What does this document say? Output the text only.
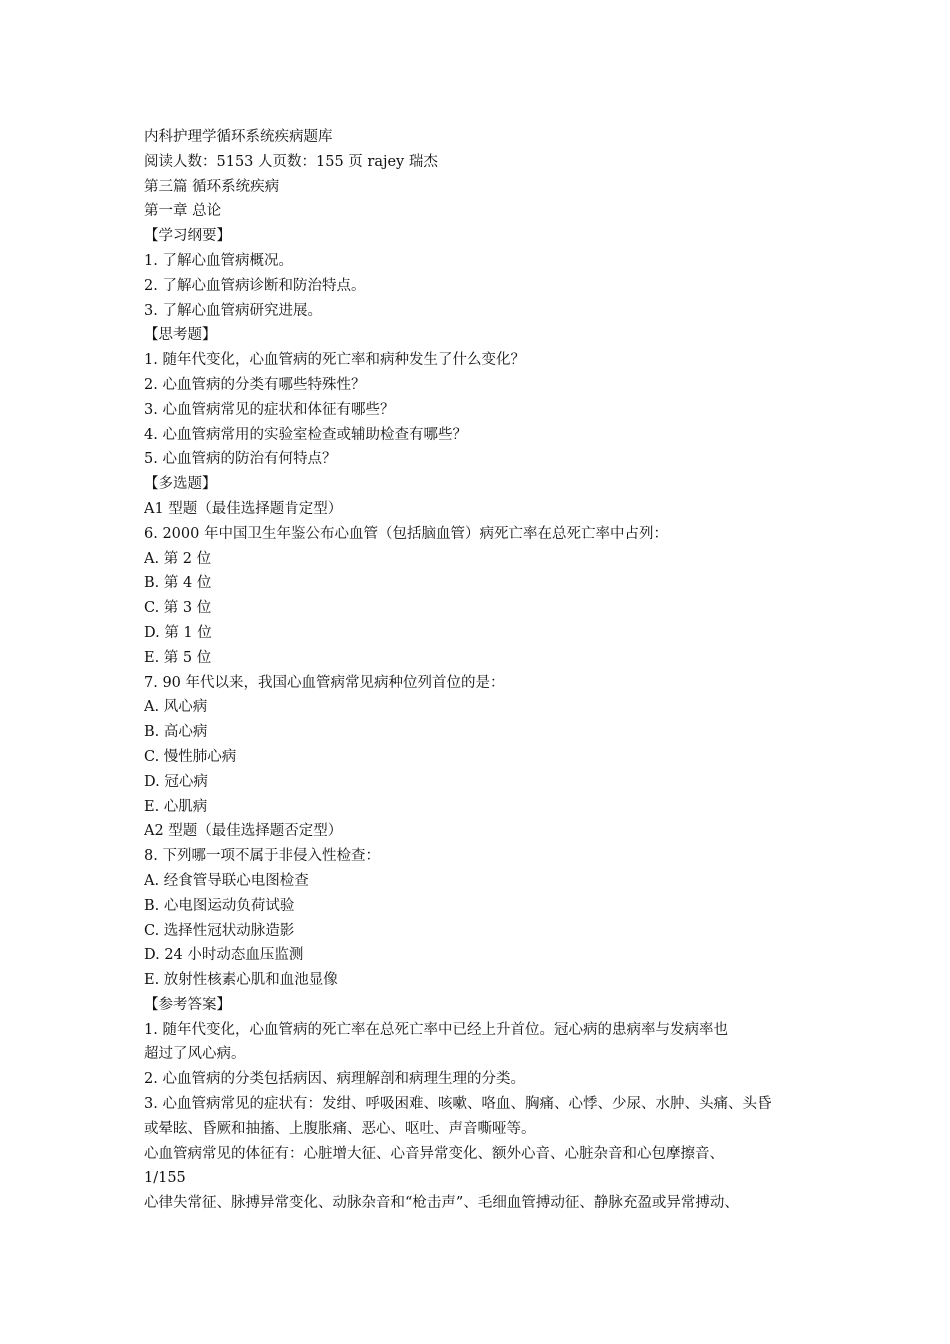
内科护理学循环系统疾病题库
阅读人数：5153 人页数：155 页 rajey 瑞杰
第三篇 循环系统疾病
第一章 总论
【学习纲要】
1. 了解心血管病概况。
2. 了解心血管病诊断和防治特点。
3. 了解心血管病研究进展。
【思考题】
1. 随年代变化，心血管病的死亡率和病种发生了什么变化？
2. 心血管病的分类有哪些特殊性？
3. 心血管病常见的症状和体征有哪些？
4. 心血管病常用的实验室检查或辅助检查有哪些？
5. 心血管病的防治有何特点？
【多选题】
A1 型题（最佳选择题肯定型）
6. 2000 年中国卫生年鉴公布心血管（包括脑血管）病死亡率在总死亡率中占列：
A. 第 2 位
B. 第 4 位
C. 第 3 位
D. 第 1 位
E. 第 5 位
7. 90 年代以来，我国心血管病常见病种位列首位的是：
A. 风心病
B. 高心病
C. 慢性肺心病
D. 冠心病
E. 心肌病
A2 型题（最佳选择题否定型）
8. 下列哪一项不属于非侵入性检查：
A. 经食管导联心电图检查
B. 心电图运动负荷试验
C. 选择性冠状动脉造影
D. 24 小时动态血压监测
E. 放射性核素心肌和血池显像
【参考答案】
1. 随年代变化，心血管病的死亡率在总死亡率中已经上升首位。冠心病的患病率与发病率也
超过了风心病。
2. 心血管病的分类包括病因、病理解剖和病理生理的分类。
3. 心血管病常见的症状有：发绀、呼吸困难、咳嗽、咯血、胸痛、心悸、少尿、水肿、头痛、头昏
或晕眩、昏厥和抽搐、上腹胀痛、恶心、呕吐、声音嘶哑等。
心血管病常见的体征有：心脏增大征、心音异常变化、额外心音、心脏杂音和心包摩擦音、
1/155
心律失常征、脉搏异常变化、动脉杂音和“枪击声”、毛细血管搏动征、静脉充盈或异常搏动、
